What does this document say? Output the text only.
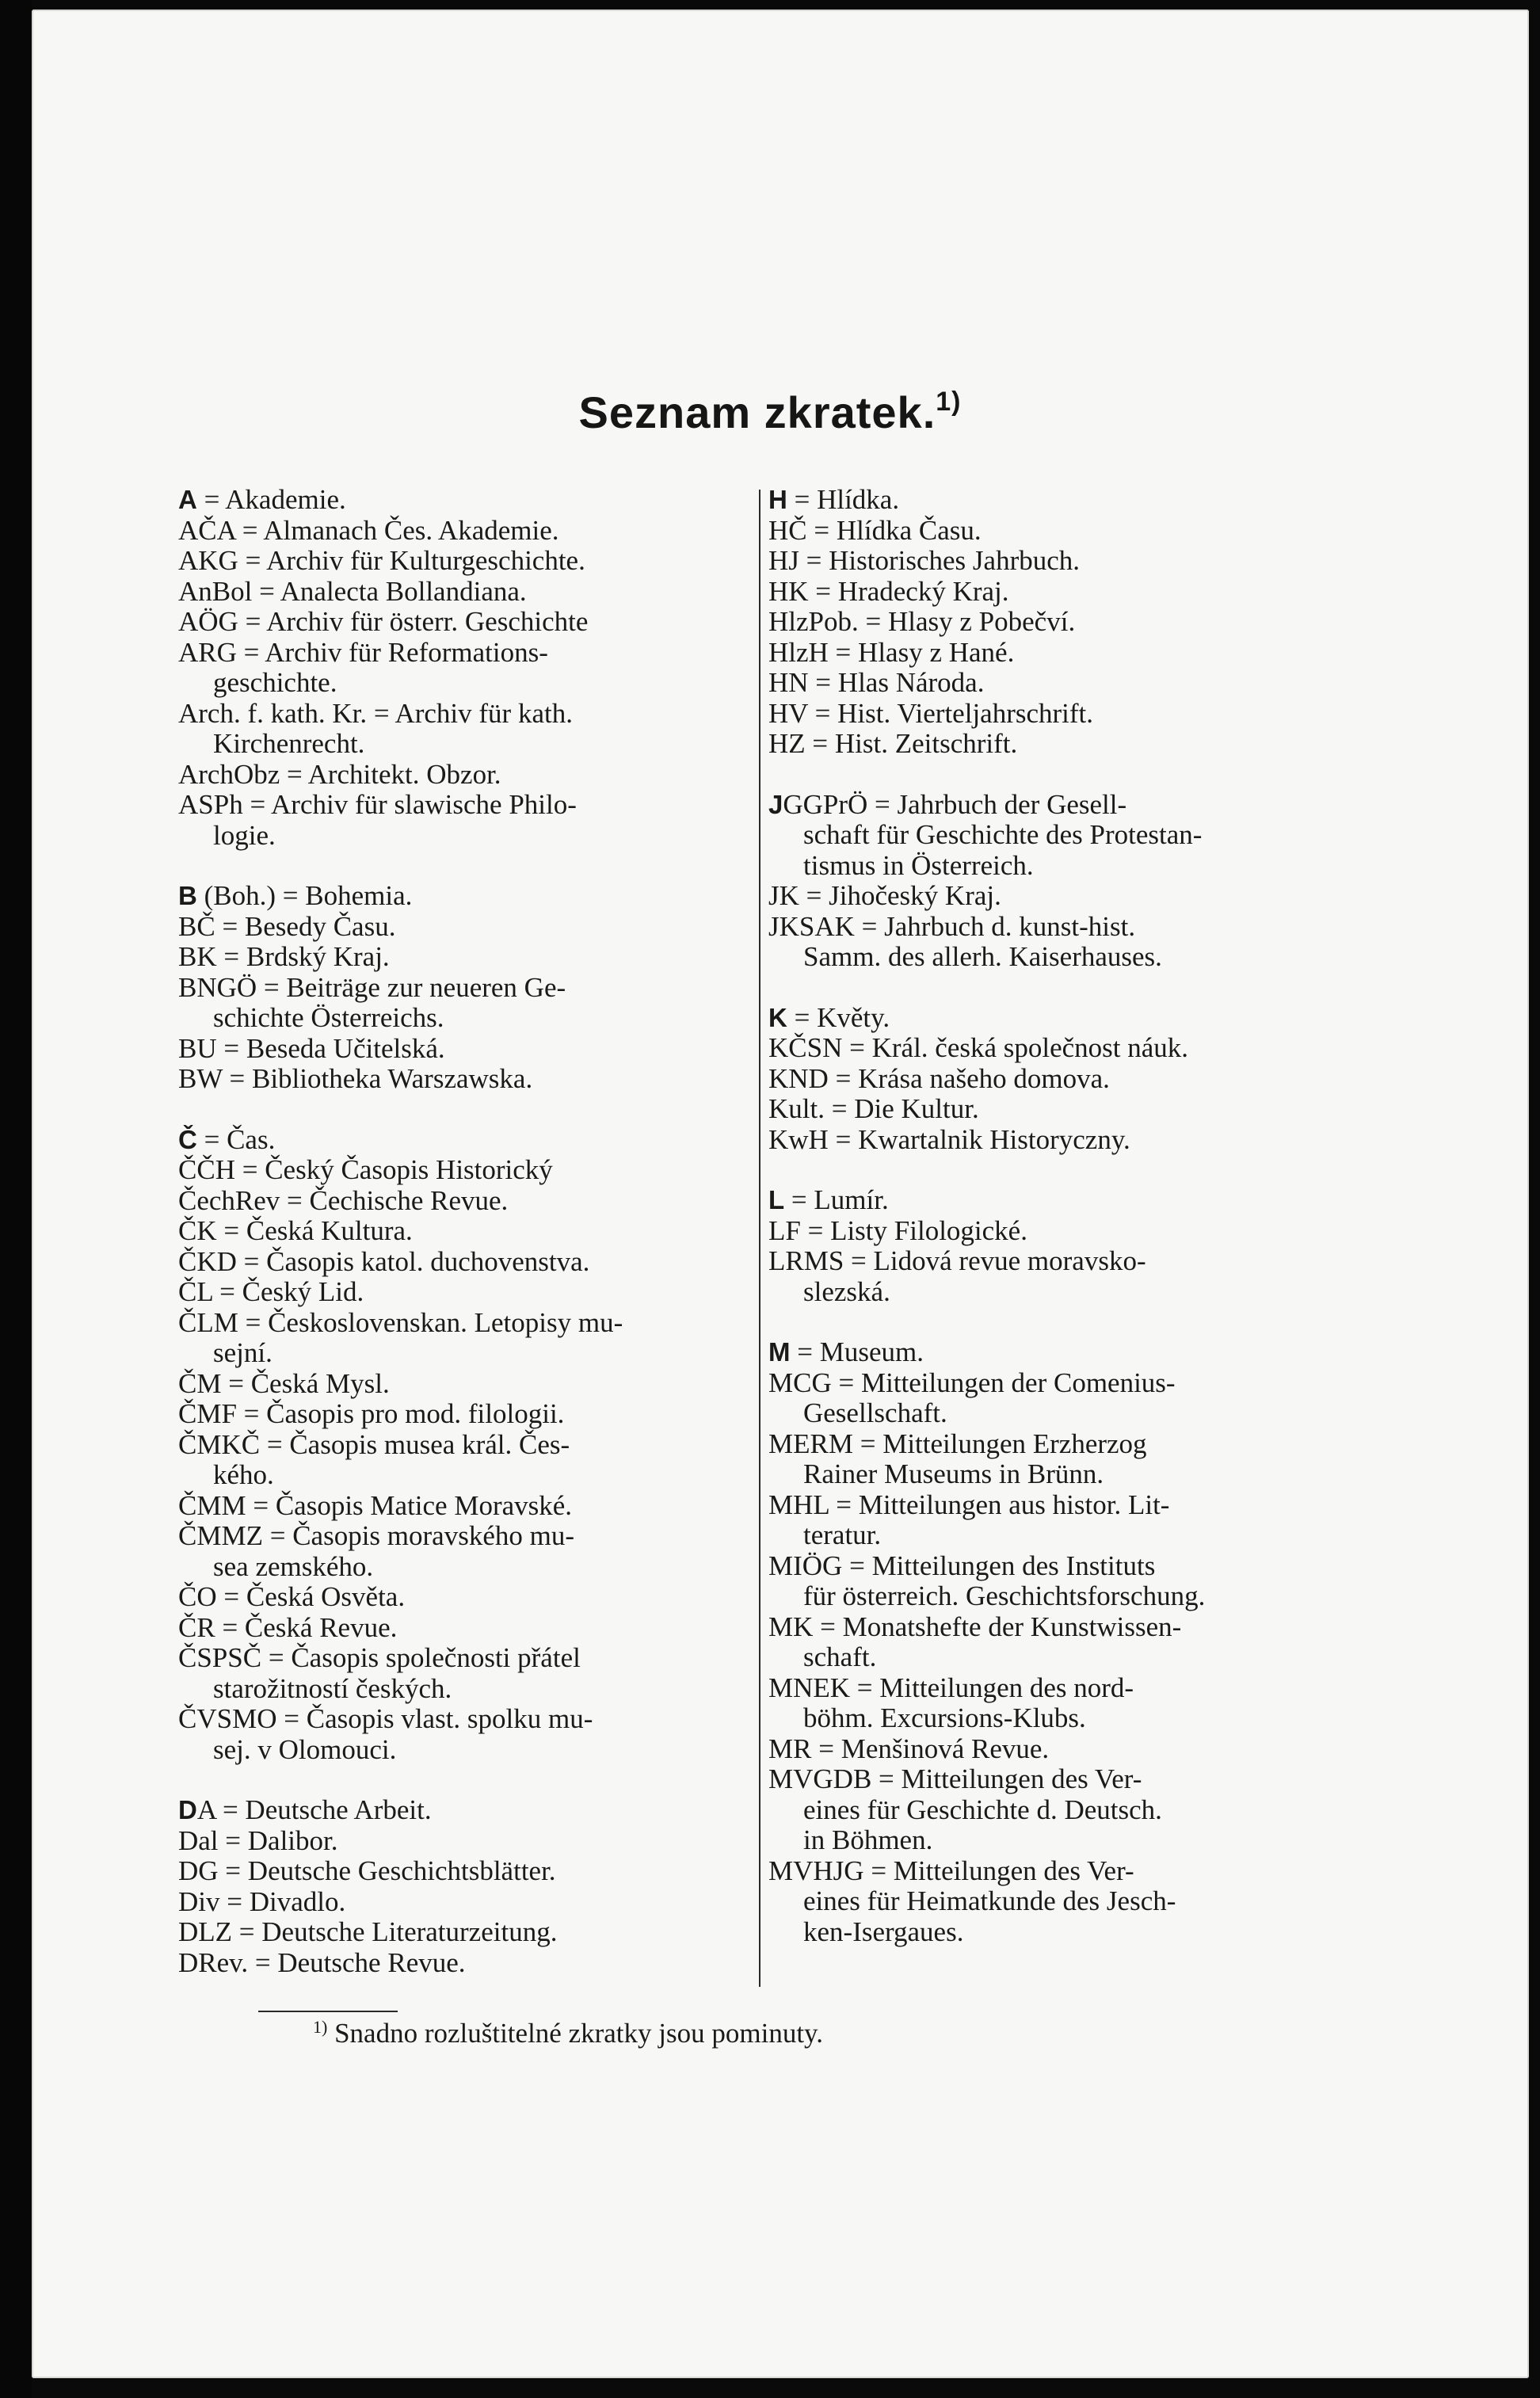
Seznam zkratek.$^{1)}$
A = Akademie.
AČA = Almanach Čes. Akademie.
AKG = Archiv für Kulturgeschichte.
AnBol = Analecta Bollandiana.
AÖG = Archiv für österr. Geschichte
ARG = Archiv für Reformations-
geschichte.
Arch. f. kath. Kr. = Archiv für kath.
Kirchenrecht.
ArchObz = Architekt. Obzor.
ASPh = Archiv für slawische Philo-
logie.
B (Boh.) = Bohemia.
BČ = Besedy Času.
BK = Brdský Kraj.
BNGÖ = Beiträge zur neueren Ge-
schichte Österreichs.
BU = Beseda Učitelská.
BW = Bibliotheka Warszawska.
Č = Čas.
ČČH = Český Časopis Historický
ČechRev = Čechische Revue.
ČK = Česká Kultura.
ČKD = Časopis katol. duchovenstva.
ČL = Český Lid.
ČLM = Československan. Letopisy mu-
sejní.
ČM = Česká Mysl.
ČMF = Časopis pro mod. filologii.
ČMKČ = Časopis musea král. Čes-
kého.
ČMM = Časopis Matice Moravské.
ČMMZ = Časopis moravského mu-
sea zemského.
ČO = Česká Osvěta.
ČR = Česká Revue.
ČSPSČ = Časopis společnosti přátel
starožitností českých.
ČVSMO = Časopis vlast. spolku mu-
sej. v Olomouci.
DA = Deutsche Arbeit.
Dal = Dalibor.
DG = Deutsche Geschichtsblätter.
Div = Divadlo.
DLZ = Deutsche Literaturzeitung.
DRev. = Deutsche Revue.
H = Hlídka.
HČ = Hlídka Času.
HJ = Historisches Jahrbuch.
HK = Hradecký Kraj.
HlzPob. = Hlasy z Pobečví.
HlzH = Hlasy z Hané.
HN = Hlas Národa.
HV = Hist. Vierteljahrschrift.
HZ = Hist. Zeitschrift.
JGGPrÖ = Jahrbuch der Gesell-
schaft für Geschichte des Protestan-
tismus in Österreich.
JK = Jihočeský Kraj.
JKSAK = Jahrbuch d. kunst-hist.
Samm. des allerh. Kaiserhauses.
K = Květy.
KČSN = Král. česká společnost náuk.
KND = Krása našeho domova.
Kult. = Die Kultur.
KwH = Kwartalnik Historyczny.
L = Lumír.
LF = Listy Filologické.
LRMS = Lidová revue moravsko-
slezská.
M = Museum.
MCG = Mitteilungen der Comenius-
Gesellschaft.
MERM = Mitteilungen Erzherzog
Rainer Museums in Brünn.
MHL = Mitteilungen aus histor. Lit-
teratur.
MIÖG = Mitteilungen des Instituts
für österreich. Geschichtsforschung.
MK = Monatshefte der Kunstwissen-
schaft.
MNEK = Mitteilungen des nord-
böhm. Excursions-Klubs.
MR = Menšinová Revue.
MVGDB = Mitteilungen des Ver-
eines für Geschichte d. Deutsch.
in Böhmen.
MVHJG = Mitteilungen des Ver-
eines für Heimatkunde des Jesch-
ken-Isergaues.
$^{1)}$ Snadno rozluštitelné zkratky jsou pominuty.
